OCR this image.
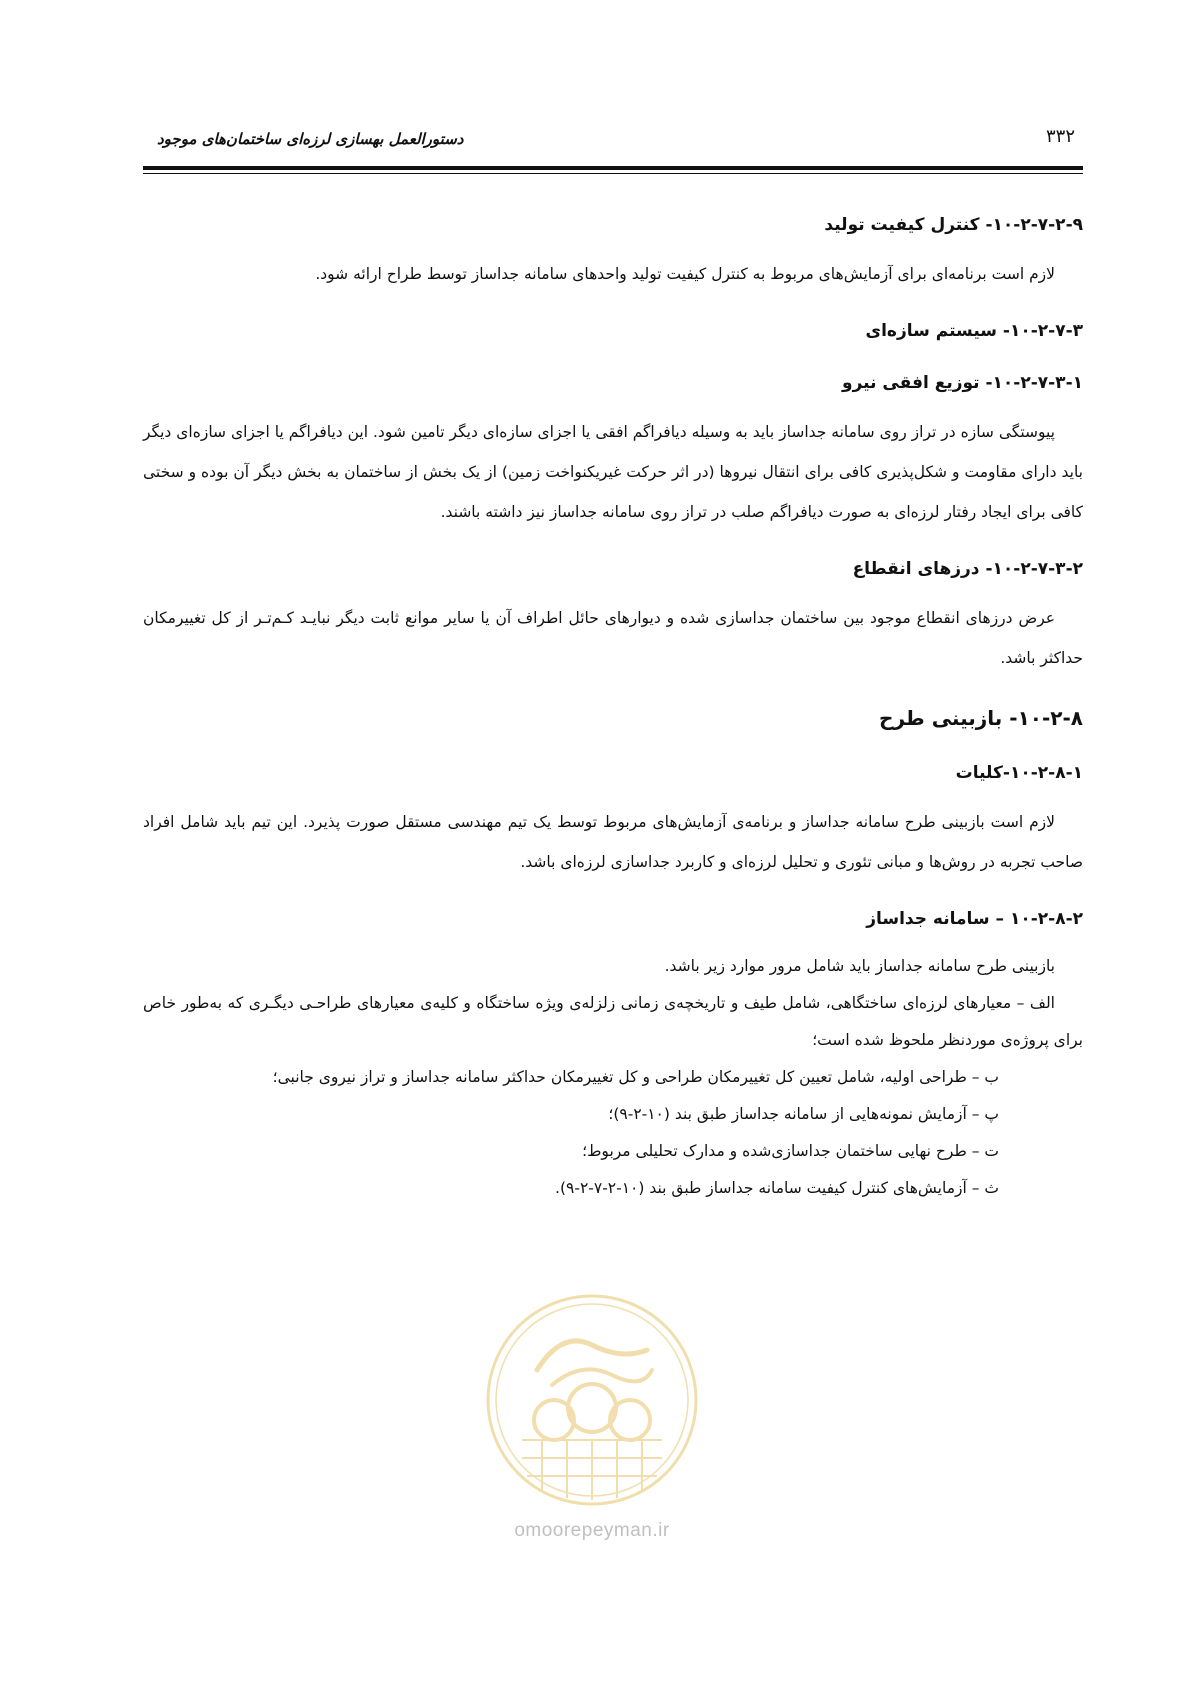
۳۳۲
دستورالعمل بهسازی لرزه‌ای ساختمان‌های موجود
۱۰-۲-۷-۲-۹- کنترل کیفیت تولید

لازم است برنامه‌ای برای آزمایش‌های مربوط به کنترل کیفیت تولید واحدهای سامانه جداساز توسط طراح ارائه شود.

۱۰-۲-۷-۳- سیستم سازه‌ای
۱۰-۲-۷-۳-۱- توزیع افقی نیرو

پیوستگی سازه در تراز روی سامانه جداساز باید به وسیله دیافراگم افقی یا اجزای سازه‌ای دیگر تامین شود. این دیافراگم یا اجزای سازه‌ای دیگر باید دارای مقاومت و شکل‌پذیری کافی برای انتقال نیروها (در اثر حرکت غیریکنواخت زمین) از یک بخش از ساختمان به بخش دیگر آن بوده و سختی کافی برای ایجاد رفتار لرزه‌ای به صورت دیافراگم صلب در تراز روی سامانه جداساز نیز داشته باشند.

۱۰-۲-۷-۳-۲- درزهای انقطاع

عرض درزهای انقطاع موجود بین ساختمان جداسازی شده و دیوارهای حائل اطراف آن یا سایر موانع ثابت دیگر نبایـد کـم‌تـر از کل تغییرمکان حداکثر باشد.

۱۰-۲-۸- بازبینی طرح
۱۰-۲-۸-۱-کلیات

لازم است بازبینی طرح سامانه جداساز و برنامه‌ی آزمایش‌های مربوط توسط یک تیم مهندسی مستقل صورت پذیرد. این تیم باید شامل افراد صاحب تجربه در روش‌ها و مبانی تئوری و تحلیل لرزه‌ای و کاربرد جداسازی لرزه‌ای باشد.

۱۰-۲-۸-۲ – سامانه جداساز

بازبینی طرح سامانه جداساز باید شامل مرور موارد زیر باشد.

الف – معیارهای لرزه‌ای ساختگاهی، شامل طیف و تاریخچه‌ی زمانی زلزله‌ی ویژه ساختگاه و کلیه‌ی معیارهای طراحـی دیگـری که به‌طور خاص برای پروژه‌ی موردنظر ملحوظ شده است؛

ب – طراحی اولیه، شامل تعیین کل تغییرمکان طراحی و کل تغییرمکان حداکثر سامانه جداساز و تراز نیروی جانبی؛

پ – آزمایش نمونه‌هایی از سامانه جداساز طبق بند (۱۰-۲-۹)؛

ت – طرح نهایی ساختمان جداسازی‌شده و مدارک تحلیلی مربوط؛

ث – آزمایش‌های کنترل کیفیت سامانه جداساز طبق بند (۱۰-۲-۷-۲-۹).

omoorepeyman.ir
